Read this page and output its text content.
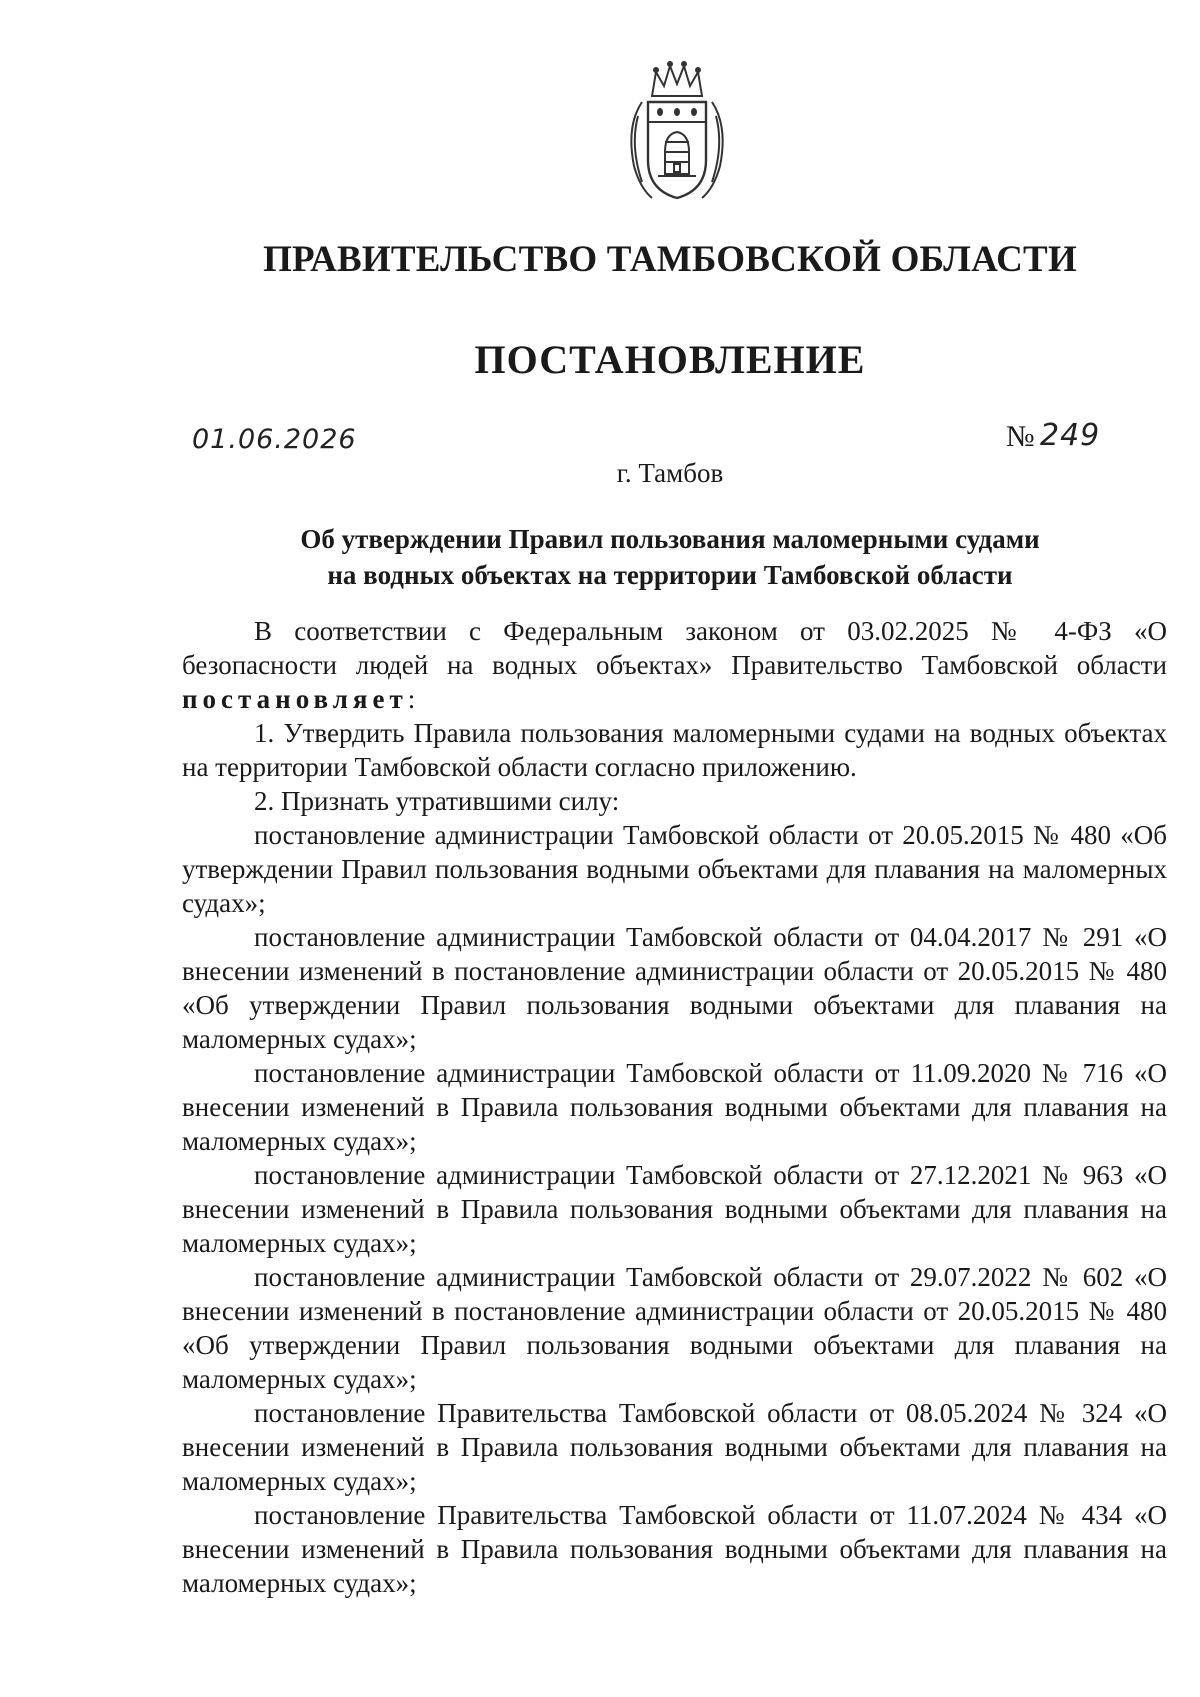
ПРАВИТЕЛЬСТВО ТАМБОВСКОЙ ОБЛАСТИ
ПОСТАНОВЛЕНИЕ
01.06.2026	№ 249
г. Тамбов
Об утверждении Правил пользования маломерными судами
на водных объектах на территории Тамбовской области

В соответствии с Федеральным законом от 03.02.2025 № 4-ФЗ «О безопасности людей на водных объектах» Правительство Тамбовской области постановляет:

1. Утвердить Правила пользования маломерными судами на водных объектах на территории Тамбовской области согласно приложению.

2. Признать утратившими силу:

постановление администрации Тамбовской области от 20.05.2015 № 480 «Об утверждении Правил пользования водными объектами для плавания на маломерных судах»;

постановление администрации Тамбовской области от 04.04.2017 № 291 «О внесении изменений в постановление администрации области от 20.05.2015 № 480 «Об утверждении Правил пользования водными объектами для плавания на маломерных судах»;

постановление администрации Тамбовской области от 11.09.2020 № 716 «О внесении изменений в Правила пользования водными объектами для плавания на маломерных судах»;

постановление администрации Тамбовской области от 27.12.2021 № 963 «О внесении изменений в Правила пользования водными объектами для плавания на маломерных судах»;

постановление администрации Тамбовской области от 29.07.2022 № 602 «О внесении изменений в постановление администрации области от 20.05.2015 № 480 «Об утверждении Правил пользования водными объектами для плавания на маломерных судах»;

постановление Правительства Тамбовской области от 08.05.2024 № 324 «О внесении изменений в Правила пользования водными объектами для плавания на маломерных судах»;

постановление Правительства Тамбовской области от 11.07.2024 № 434 «О внесении изменений в Правила пользования водными объектами для плавания на маломерных судах»;
